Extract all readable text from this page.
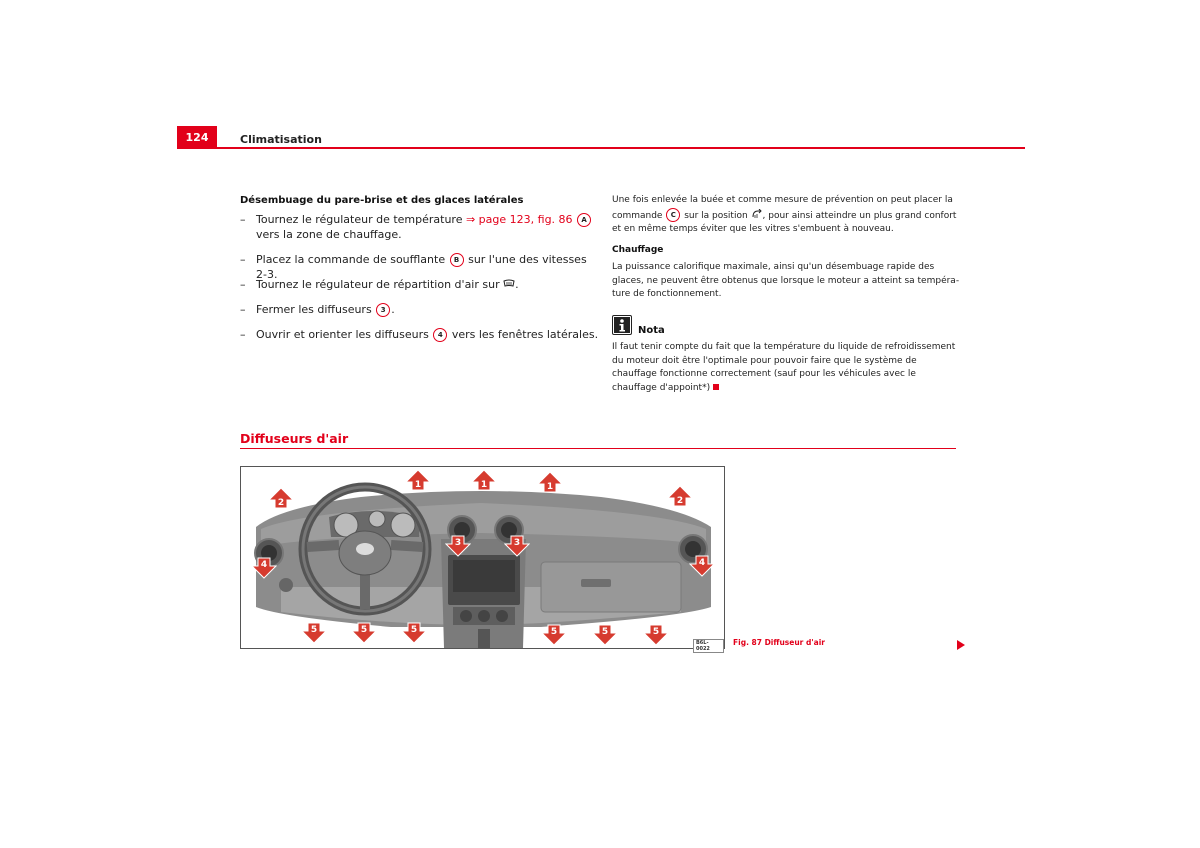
124	Climatisation
Désembuage du pare-brise et des glaces latérales
– Tournez le régulateur de température ⇒ page 123, fig. 86 A
vers la zone de chauffage.
– Placez la commande de soufflante B sur l'une des vitesses 2-3.
– Tournez le régulateur de répartition d'air sur .
– Fermer les diffuseurs 3 .
– Ouvrir et orienter les diffuseurs 4 vers les fenêtres latérales.
Une fois enlevée la buée et comme mesure de prévention on peut placer la commande C sur la position , pour ainsi atteindre un plus grand confort et en même temps éviter que les vitres s'embuent à nouveau.
Chauffage
La puissance calorifique maximale, ainsi qu'un désembuage rapide des glaces, ne peuvent être obtenus que lorsque le moteur a atteint sa tempéra-ture de fonctionnement.
Nota
Il faut tenir compte du fait que la température du liquide de refroidissement du moteur doit être l'optimale pour pouvoir faire que le système de chauffage fonctionne correctement (sauf pour les véhicules avec le chauffage d'appoint*)
Diffuseurs d'air
1	1	1
2	2
3	3
4	4
5	5	5	5	5	5
B6L-0022
Fig. 87 Diffuseur d'air
